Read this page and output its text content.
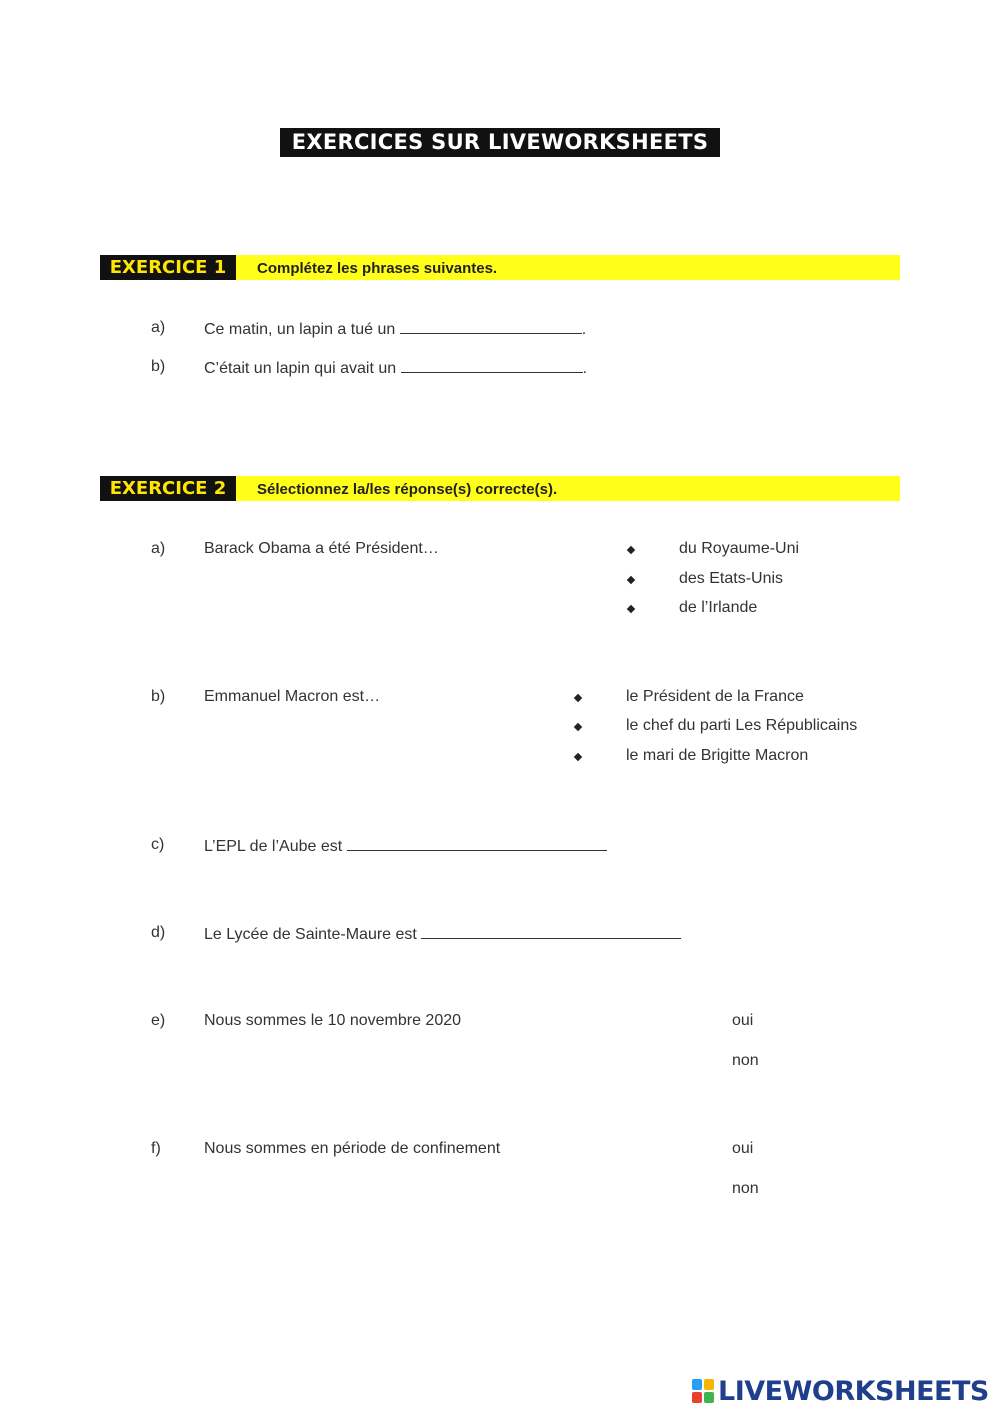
EXERCICES SUR LIVEWORKSHEETS
EXERCICE 1	Complétez les phrases suivantes.
a) Ce matin, un lapin a tué un	.
b) C’était un lapin qui avait un	.
EXERCICE 2	Sélectionnez la/les réponse(s) correcte(s).
a) Barack Obama a été Président…	du Royaume-Uni
des Etats-Unis
de l’Irlande
b) Emmanuel Macron est…	le Président de la France
le chef du parti Les Républicains
le mari de Brigitte Macron
c) L’EPL de l’Aube est
d) Le Lycée de Sainte-Maure est
e) Nous sommes le 10 novembre 2020	oui
non
f)	Nous sommes en période de confinement	oui
non
LIVEWORKSHEETS
